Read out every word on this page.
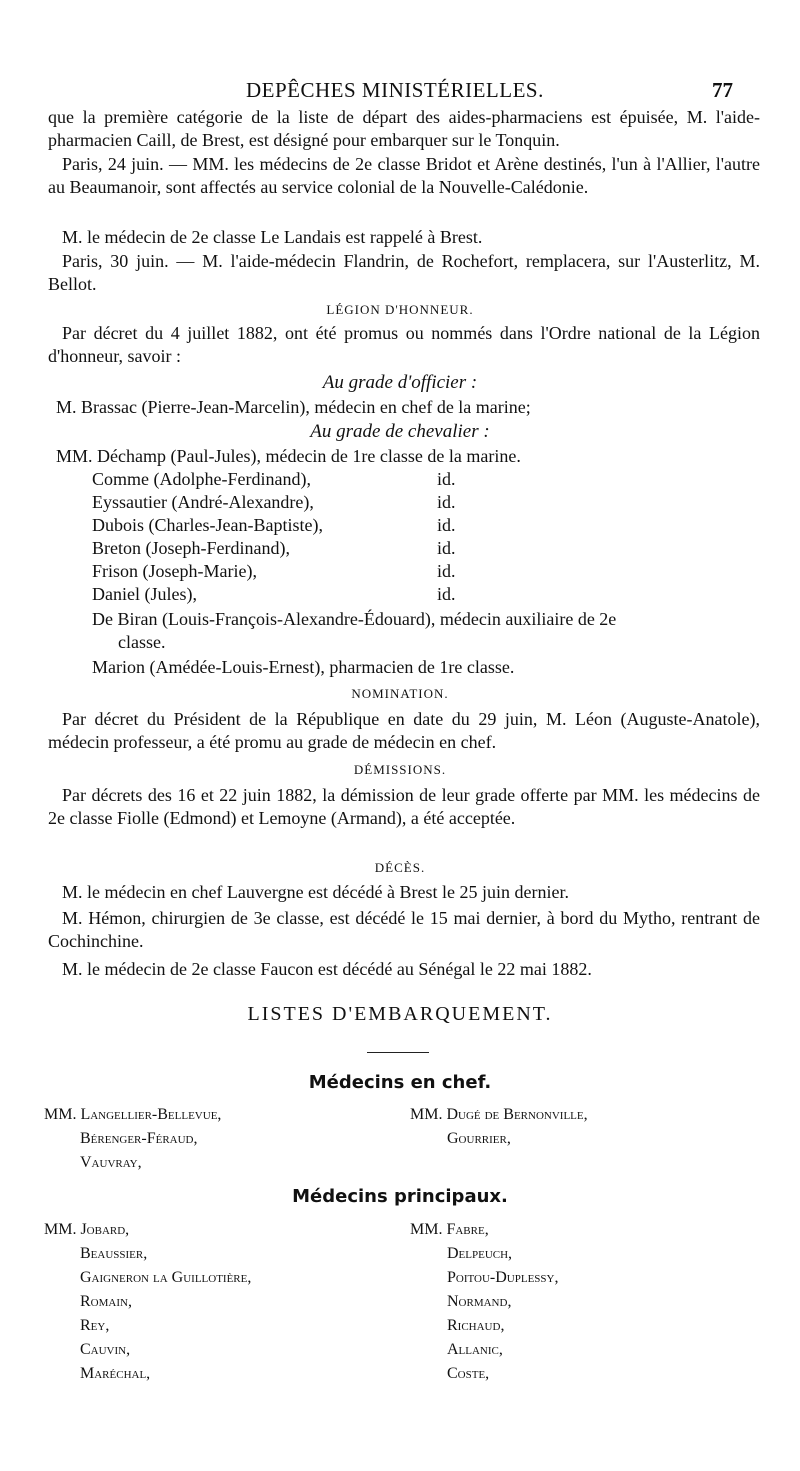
DEPÊCHES MINISTÉRIELLES.	77
que la première catégorie de la liste de départ des aides-pharmaciens est épuisée, M. l'aide-pharmacien Caill, de Brest, est désigné pour embarquer sur le Tonquin.
Paris, 24 juin. — MM. les médecins de 2e classe Bridot et Arène destinés, l'un à l'Allier, l'autre au Beaumanoir, sont affectés au service colonial de la Nouvelle-Calédonie.
M. le médecin de 2e classe Le Landais est rappelé à Brest.
Paris, 30 juin. — M. l'aide-médecin Flandrin, de Rochefort, remplacera, sur l'Austerlitz, M. Bellot.
LÉGION D'HONNEUR.
Par décret du 4 juillet 1882, ont été promus ou nommés dans l'Ordre national de la Légion d'honneur, savoir :
Au grade d'officier :
M. Brassac (Pierre-Jean-Marcelin), médecin en chef de la marine;
Au grade de chevalier :
MM. Déchamp (Paul-Jules), médecin de 1re classe de la marine.
Comme (Adolphe-Ferdinand),	id.
Eyssautier (André-Alexandre),	id.
Dubois (Charles-Jean-Baptiste),	id.
Breton (Joseph-Ferdinand),	id.
Frison (Joseph-Marie),	id.
Daniel (Jules),	id.
De Biran (Louis-François-Alexandre-Édouard), médecin auxiliaire de 2e
classe.
Marion (Amédée-Louis-Ernest), pharmacien de 1re classe.
NOMINATION.
Par décret du Président de la République en date du 29 juin, M. Léon (Auguste-Anatole), médecin professeur, a été promu au grade de médecin en chef.
DÉMISSIONS.
Par décrets des 16 et 22 juin 1882, la démission de leur grade offerte par MM. les médecins de 2e classe Fiolle (Edmond) et Lemoyne (Armand), a été acceptée.
DÉCÈS.
M. le médecin en chef Lauvergne est décédé à Brest le 25 juin dernier.
M. Hémon, chirurgien de 3e classe, est décédé le 15 mai dernier, à bord du Mytho, rentrant de Cochinchine.
M. le médecin de 2e classe Faucon est décédé au Sénégal le 22 mai 1882.
LISTES D'EMBARQUEMENT.
Médecins en chef.
MM. Langellier-Bellevue,
Bérenger-Féraud,
Vauvray,
MM. Dugé de Bernonville,
Gourrier,
Médecins principaux.
MM. Jobard,
Beaussier,
Gaigneron la Guillotière,
Romain,
Rey,
Cauvin,
Maréchal,
MM. Fabre,
Delpeuch,
Poitou-Duplessy,
Normand,
Richaud,
Allanic,
Coste,
